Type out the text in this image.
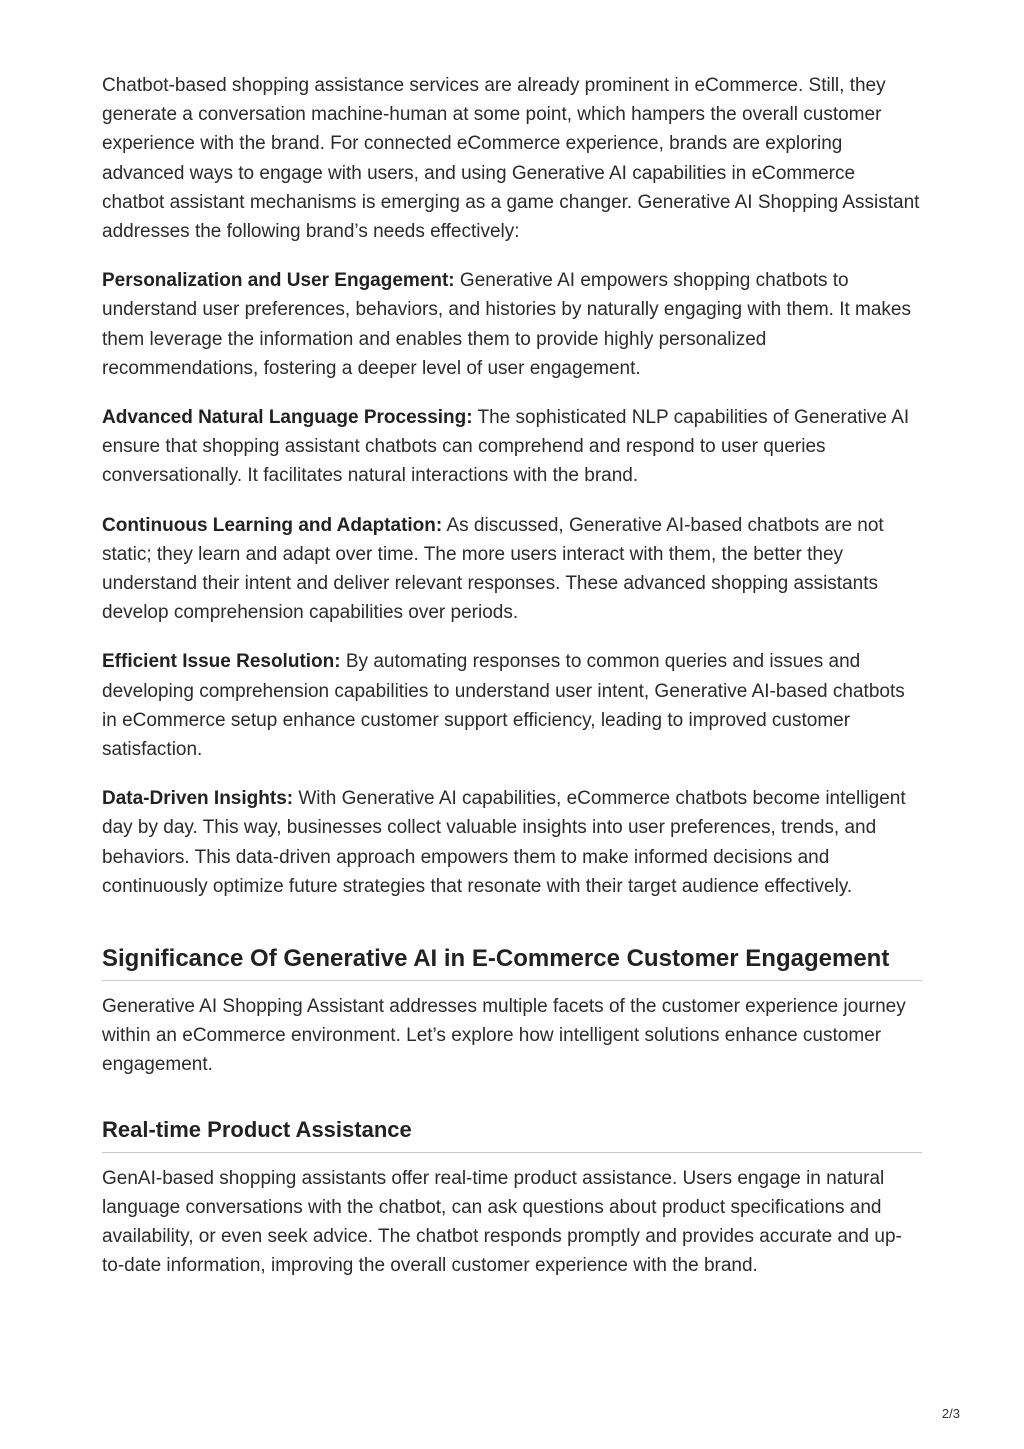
Chatbot-based shopping assistance services are already prominent in eCommerce. Still, they generate a conversation machine-human at some point, which hampers the overall customer experience with the brand. For connected eCommerce experience, brands are exploring advanced ways to engage with users, and using Generative AI capabilities in eCommerce chatbot assistant mechanisms is emerging as a game changer. Generative AI Shopping Assistant addresses the following brand’s needs effectively:

Personalization and User Engagement: Generative AI empowers shopping chatbots to understand user preferences, behaviors, and histories by naturally engaging with them. It makes them leverage the information and enables them to provide highly personalized recommendations, fostering a deeper level of user engagement.

Advanced Natural Language Processing: The sophisticated NLP capabilities of Generative AI ensure that shopping assistant chatbots can comprehend and respond to user queries conversationally. It facilitates natural interactions with the brand.

Continuous Learning and Adaptation: As discussed, Generative AI-based chatbots are not static; they learn and adapt over time. The more users interact with them, the better they understand their intent and deliver relevant responses. These advanced shopping assistants develop comprehension capabilities over periods.

Efficient Issue Resolution: By automating responses to common queries and issues and developing comprehension capabilities to understand user intent, Generative AI-based chatbots in eCommerce setup enhance customer support efficiency, leading to improved customer satisfaction.

Data-Driven Insights: With Generative AI capabilities, eCommerce chatbots become intelligent day by day. This way, businesses collect valuable insights into user preferences, trends, and behaviors. This data-driven approach empowers them to make informed decisions and continuously optimize future strategies that resonate with their target audience effectively.

Significance Of Generative AI in E-Commerce Customer Engagement

Generative AI Shopping Assistant addresses multiple facets of the customer experience journey within an eCommerce environment. Let’s explore how intelligent solutions enhance customer engagement.

Real-time Product Assistance

GenAI-based shopping assistants offer real-time product assistance. Users engage in natural language conversations with the chatbot, can ask questions about product specifications and availability, or even seek advice. The chatbot responds promptly and provides accurate and up-to-date information, improving the overall customer experience with the brand.

2/3
